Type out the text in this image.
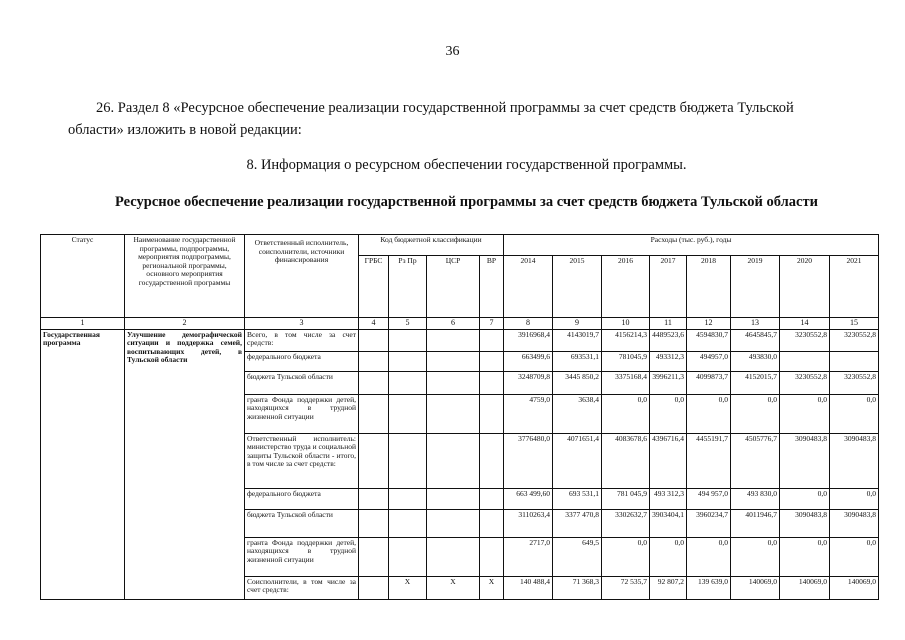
36
26. Раздел 8 «Ресурсное обеспечение реализации государственной программы за счет средств бюджета Тульской области» изложить в новой редакции:
8. Информация о ресурсном обеспечении государственной программы.
Ресурсное обеспечение реализации государственной программы за счет средств бюджета Тульской области
Статус	Наименование государственной программы, подпрограммы, мероприятия подпрограммы, региональной программы, основного мероприятия государственной программы	Ответственный исполнитель, соисполнители, источники финансирования	Код бюджетной классификации				Расходы (тыс. руб.), годы							
			ГРБС	Рз Пр	ЦСР	ВР	2014	2015	2016	2017	2018	2019	2020	2021
1	2	3	4	5	6	7	8	9	10	11	12	13	14	15
Государственная программа	Улучшение демографической ситуации и поддержка семей, воспитывающих детей, в Тульской области	Всего, в том числе за счет средств:					3916968,4	4143019,7	4156214,3	4489523,6	4594830,7	4645845,7	3230552,8	3230552,8
		федерального бюджета					663499,6	693531,1	781045,9	493312,3	494957,0	493830,0		
		бюджета Тульской области					3248709,8	3445 850,2	3375168,4	3996211,3	4099873,7	4152015,7	3230552,8	3230552,8
		гранта Фонда поддержки детей, находящихся в трудной жизненной ситуации					4759,0	3638,4	0,0	0,0	0,0	0,0	0,0	0,0
		Ответственный исполнитель: министерство труда и социальной защиты Тульской области - итого, в том числе за счет средств:					3776480,0	4071651,4	4083678,6	4396716,4	4455191,7	4505776,7	3090483,8	3090483,8
		федерального бюджета					663 499,60	693 531,1	781 045,9	493 312,3	494 957,0	493 830,0	0,0	0,0
		бюджета Тульской области					3110263,4	3377 470,8	3302632,7	3903404,1	3960234,7	4011946,7	3090483,8	3090483,8
		гранта Фонда поддержки детей, находящихся в трудной жизненной ситуации					2717,0	649,5	0,0	0,0	0,0	0,0	0,0	0,0
		Соисполнители, в том числе за счет средств:		Х	Х	Х	140 488,4	71 368,3	72 535,7	92 807,2	139 639,0	140069,0	140069,0	140069,0
